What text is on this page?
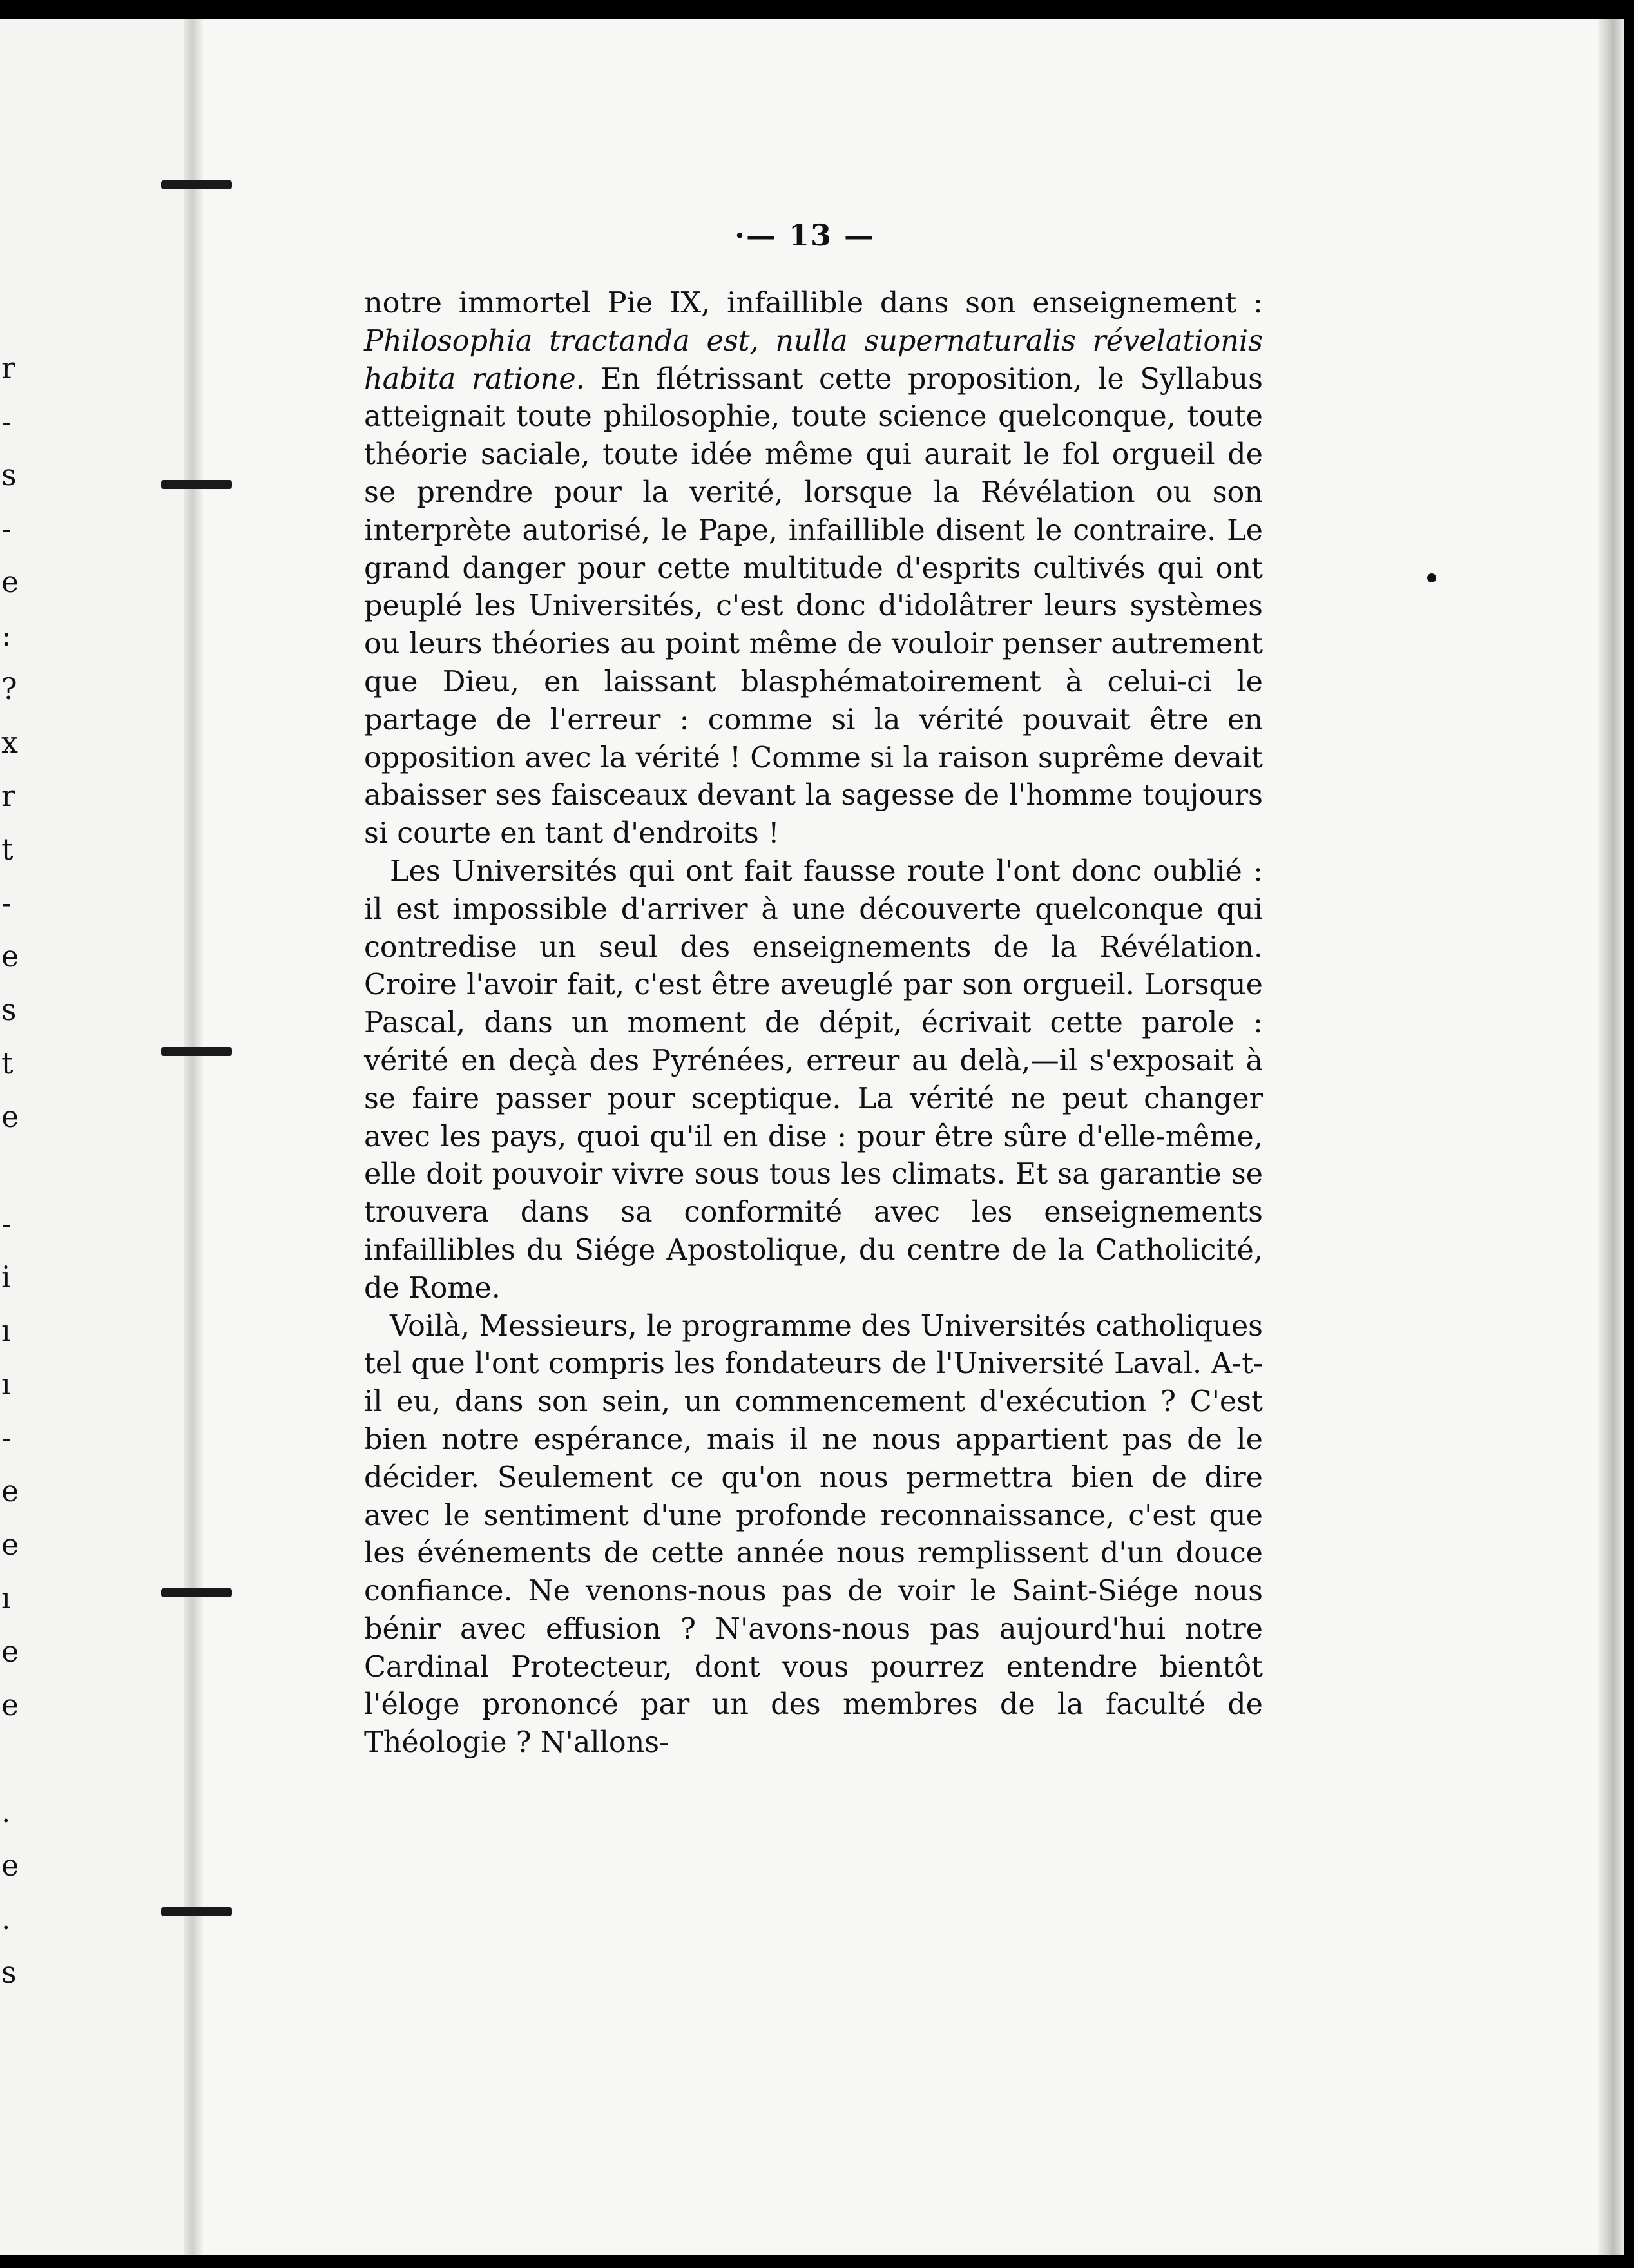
r
-
s
-
e
:
?
x
r
t
-
e
s
t
e

-
i
ı
ı
-
e
e
ı
e
e

.
e
.
s
·— 13 —

notre immortel Pie IX, infaillible dans son enseignement : Philosophia tractanda est, nulla supernaturalis révelationis habita ratione. En flétrissant cette proposition, le Syllabus atteignait toute philosophie, toute science quelconque, toute théorie saciale, toute idée même qui aurait le fol orgueil de se prendre pour la verité, lorsque la Révélation ou son interprète autorisé, le Pape, infaillible disent le contraire. Le grand danger pour cette multitude d'esprits cultivés qui ont peuplé les Universités, c'est donc d'idolâtrer leurs systèmes ou leurs théories au point même de vouloir penser autrement que Dieu, en laissant blasphématoirement à celui-ci le partage de l'erreur : comme si la vérité pouvait être en opposition avec la vérité ! Comme si la raison suprême devait abaisser ses faisceaux devant la sagesse de l'homme toujours si courte en tant d'endroits !

Les Universités qui ont fait fausse route l'ont donc oublié : il est impossible d'arriver à une découverte quelconque qui contredise un seul des enseignements de la Révélation. Croire l'avoir fait, c'est être aveuglé par son orgueil. Lorsque Pascal, dans un moment de dépit, écrivait cette parole : vérité en deçà des Pyrénées, erreur au delà,—il s'exposait à se faire passer pour sceptique. La vérité ne peut changer avec les pays, quoi qu'il en dise : pour être sûre d'elle-même, elle doit pouvoir vivre sous tous les climats. Et sa garantie se trouvera dans sa conformité avec les enseignements infaillibles du Siége Apostolique, du centre de la Catholicité, de Rome.

Voilà, Messieurs, le programme des Universités catholiques tel que l'ont compris les fondateurs de l'Université Laval. A-t-il eu, dans son sein, un commencement d'exécution ? C'est bien notre espérance, mais il ne nous appartient pas de le décider. Seulement ce qu'on nous permettra bien de dire avec le sentiment d'une profonde reconnaissance, c'est que les événements de cette année nous remplissent d'un douce confiance. Ne venons-nous pas de voir le Saint-Siége nous bénir avec effusion ? N'avons-nous pas aujourd'hui notre Cardinal Protecteur, dont vous pourrez entendre bientôt l'éloge prononcé par un des membres de la faculté de Théologie ? N'allons-
